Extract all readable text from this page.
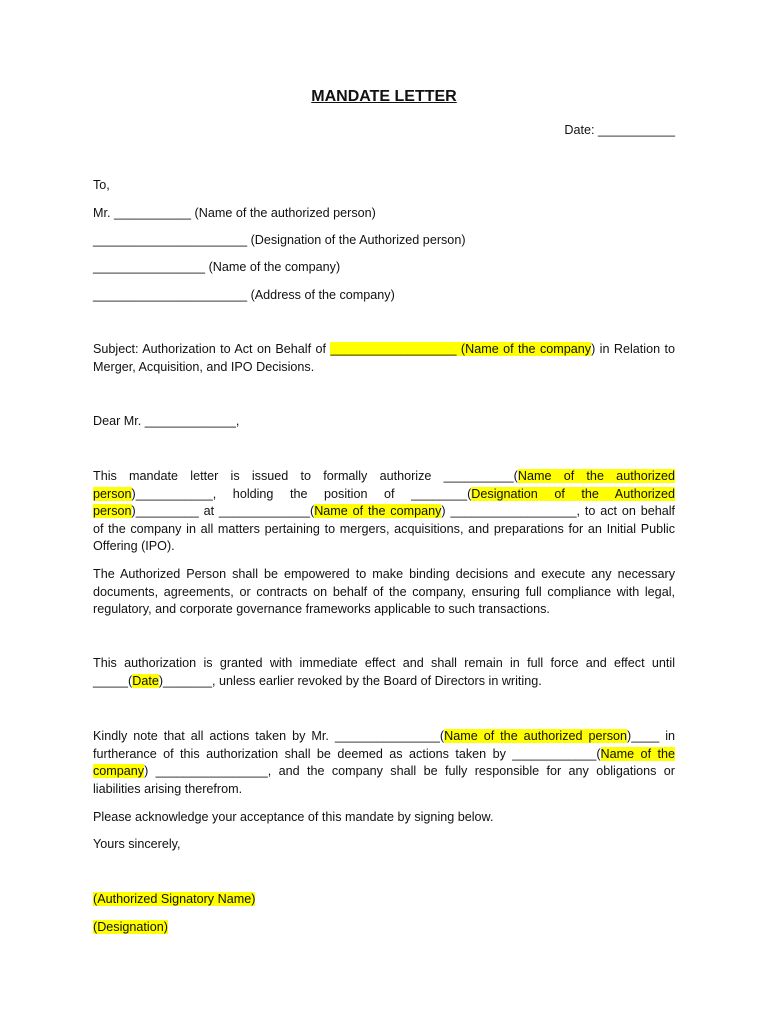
MANDATE LETTER
Date: ___________
To,
Mr. ___________ (Name of the authorized person)
______________________ (Designation of the Authorized person)
________________ (Name of the company)
______________________ (Address of the company)

Subject: Authorization to Act on Behalf of __________________ (Name of the company) in Relation to Merger, Acquisition, and IPO Decisions.

Dear Mr. _____________,

This mandate letter is issued to formally authorize __________(Name of the authorized person)___________, holding the position of ________(Designation of the Authorized person)_________ at _____________(Name of the company) __________________, to act on behalf of the company in all matters pertaining to mergers, acquisitions, and preparations for an Initial Public Offering (IPO).

The Authorized Person shall be empowered to make binding decisions and execute any necessary documents, agreements, or contracts on behalf of the company, ensuring full compliance with legal, regulatory, and corporate governance frameworks applicable to such transactions.

This authorization is granted with immediate effect and shall remain in full force and effect until _____(Date)_______, unless earlier revoked by the Board of Directors in writing.

Kindly note that all actions taken by Mr. _______________(Name of the authorized person)____ in furtherance of this authorization shall be deemed as actions taken by ____________(Name of the company) ________________, and the company shall be fully responsible for any obligations or liabilities arising therefrom.

Please acknowledge your acceptance of this mandate by signing below.
Yours sincerely,
(Authorized Signatory Name)
(Designation)
